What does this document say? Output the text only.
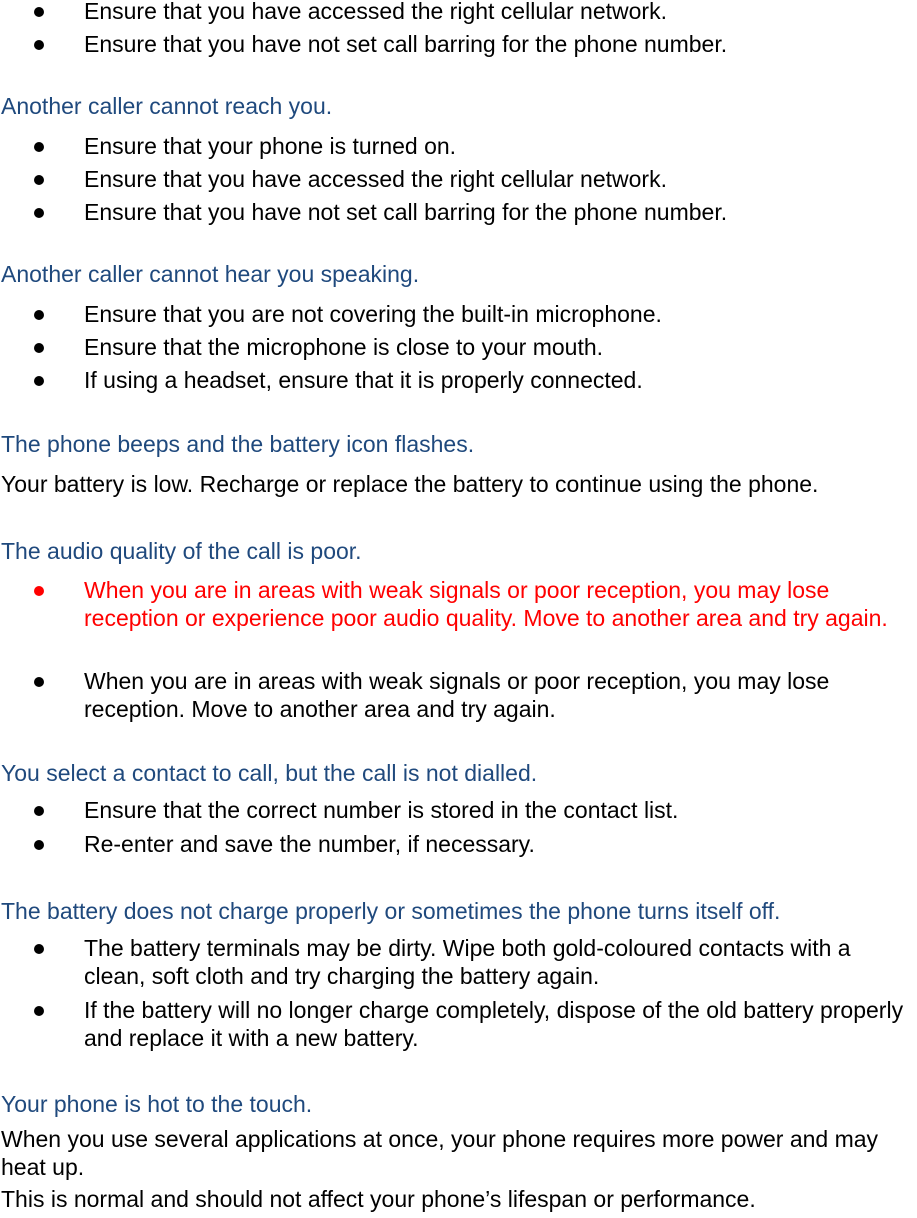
Ensure that you have accessed the right cellular network.
Ensure that you have not set call barring for the phone number.
Another caller cannot reach you.
Ensure that your phone is turned on.
Ensure that you have accessed the right cellular network.
Ensure that you have not set call barring for the phone number.
Another caller cannot hear you speaking.
Ensure that you are not covering the built-in microphone.
Ensure that the microphone is close to your mouth.
If using a headset, ensure that it is properly connected.
The phone beeps and the battery icon flashes.
Your battery is low. Recharge or replace the battery to continue using the phone.
The audio quality of the call is poor.
When you are in areas with weak signals or poor reception, you may lose reception or experience poor audio quality. Move to another area and try again.
When you are in areas with weak signals or poor reception, you may lose reception. Move to another area and try again.
You select a contact to call, but the call is not dialled.
Ensure that the correct number is stored in the contact list.
Re-enter and save the number, if necessary.
The battery does not charge properly or sometimes the phone turns itself off.
The battery terminals may be dirty. Wipe both gold-coloured contacts with a clean, soft cloth and try charging the battery again.
If the battery will no longer charge completely, dispose of the old battery properly and replace it with a new battery.
Your phone is hot to the touch.
When you use several applications at once, your phone requires more power and may heat up.
This is normal and should not affect your phone’s lifespan or performance.
